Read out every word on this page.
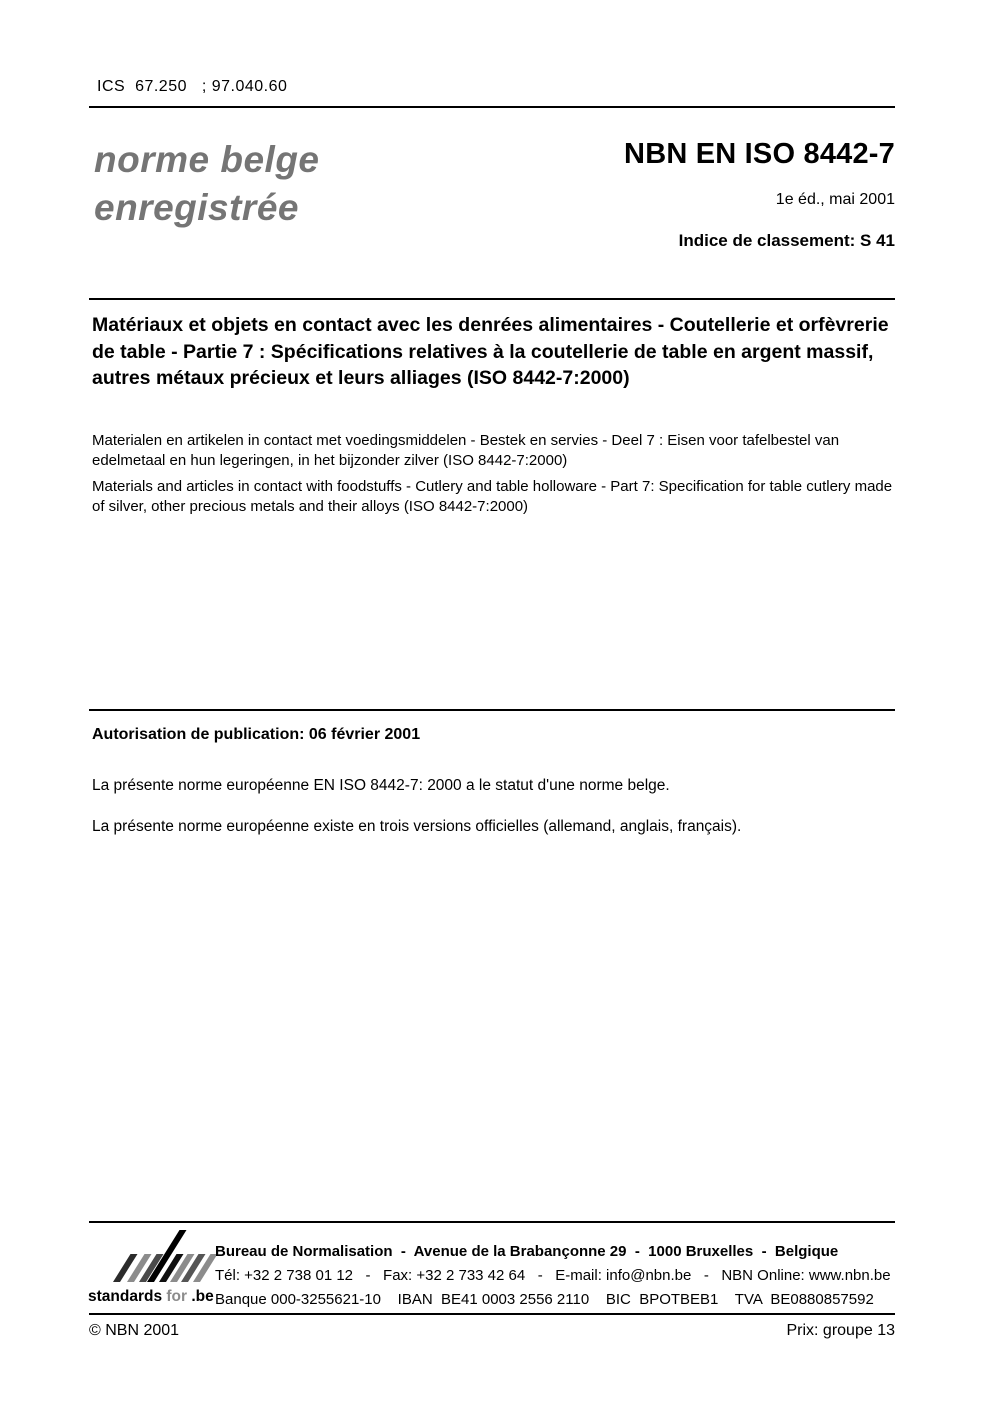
ICS  67.250   ; 97.040.60
norme belge
enregistrée
NBN EN ISO 8442-7
1e éd., mai 2001
Indice de classement: S 41
Matériaux et objets en contact avec les denrées alimentaires - Coutellerie et orfèvrerie de table - Partie 7 : Spécifications relatives à la coutellerie de table en argent massif, autres métaux précieux et leurs alliages (ISO 8442-7:2000)
Materialen en artikelen in contact met voedingsmiddelen - Bestek en servies - Deel 7 : Eisen voor tafelbestel van edelmetaal en hun legeringen, in het bijzonder zilver (ISO 8442-7:2000)
Materials and articles in contact with foodstuffs - Cutlery and table holloware - Part 7: Specification for table cutlery made of silver, other precious metals and their alloys (ISO 8442-7:2000)
Autorisation de publication: 06 février 2001
La présente norme européenne EN ISO 8442-7: 2000 a le statut d'une norme belge.
La présente norme européenne existe en trois versions officielles (allemand, anglais, français).
standards for .be
Bureau de Normalisation  -  Avenue de la Brabançonne 29  -  1000 Bruxelles  -  Belgique
Tél: +32 2 738 01 12   -   Fax: +32 2 733 42 64   -   E-mail: info@nbn.be   -   NBN Online: www.nbn.be
Banque 000-3255621-10    IBAN  BE41 0003 2556 2110    BIC  BPOTBEB1    TVA  BE0880857592
© NBN 2001	Prix: groupe 13
